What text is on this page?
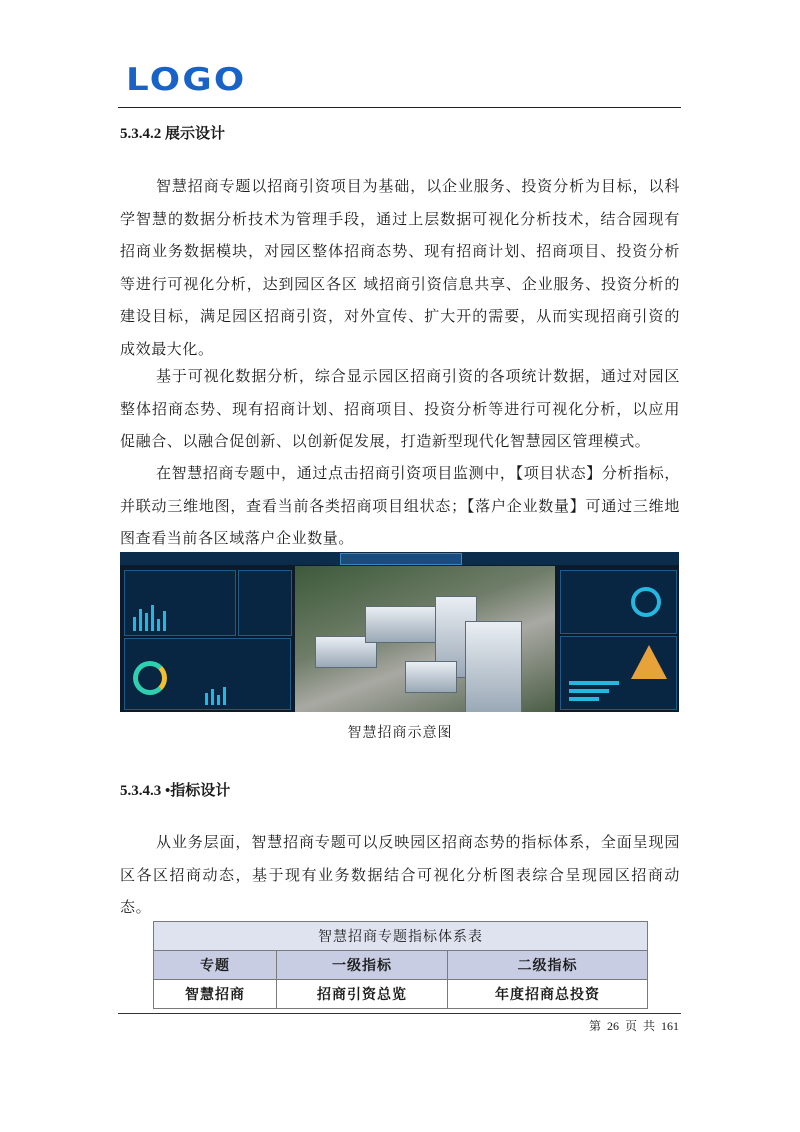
LOGO
5.3.4.2 展示设计

智慧招商专题以招商引资项目为基础，以企业服务、投资分析为目标，以科学智慧的数据分析技术为管理手段，通过上层数据可视化分析技术，结合园现有招商业务数据模块，对园区整体招商态势、现有招商计划、招商项目、投资分析等进行可视化分析，达到园区各区 域招商引资信息共享、企业服务、投资分析的建设目标，满足园区招商引资，对外宣传、扩大开的需要，从而实现招商引资的成效最大化。

基于可视化数据分析，综合显示园区招商引资的各项统计数据，通过对园区整体招商态势、现有招商计划、招商项目、投资分析等进行可视化分析，以应用促融合、以融合促创新、以创新促发展，打造新型现代化智慧园区管理模式。

在智慧招商专题中，通过点击招商引资项目监测中，【项目状态】分析指标，并联动三维地图，查看当前各类招商项目组状态；【落户企业数量】可通过三维地图查看当前各区域落户企业数量。

智慧招商示意图
5.3.4.3 •指标设计

从业务层面，智慧招商专题可以反映园区招商态势的指标体系，全面呈现园区各区招商动态，基于现有业务数据结合可视化分析图表综合呈现园区招商动态。

智慧招商专题指标体系表		
专题	一级指标	二级指标
智慧招商	招商引资总览	年度招商总投资
第 26 页 共 161
